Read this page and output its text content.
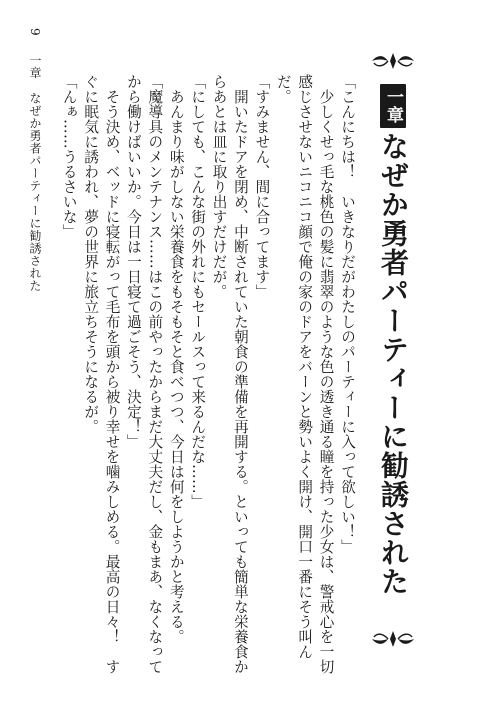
9 一章 なぜか勇者パーティーに勧誘された	「こんにちは！　いきなりだがわたしのパーティーに入って欲しい！」

　少しくせっ毛な桃色の髪に翡翠のような色の透き通る瞳を持った少女は、警戒心を一切感じさせないニコニコ顔で俺の家のドアをバーンと勢いよく開け、開口一番にそう叫んだ。

「すみません、間に合ってます」

　開いたドアを閉め、中断されていた朝食の準備を再開する。といっても簡単な栄養食からあとは皿に取り出すだけだが。

「にしても、こんな街の外れにもセールスって来るんだな……」

　あんまり味がしない栄養食をもそもそと食べつつ、今日は何をしようかと考える。

「魔導具のメンテナンス……はこの前やったからまだ大丈夫だし、金もまあ、なくなってから働けばいいか。今日は一日寝て過ごそう、決定！」

　そう決め、ベッドに寝転がって毛布を頭から被り幸せを噛みしめる。最高の日々！　すぐに眠気に誘われ、夢の世界に旅立ちそうになるが。

「んぁ……うるさいな」	一章なぜか勇者パーティーに勧誘された
